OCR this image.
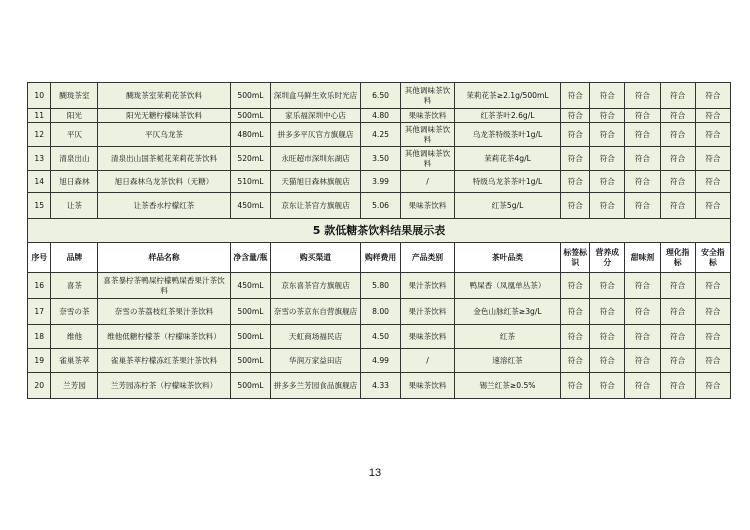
10	醐珑茶室	醐珑茶室茉莉花茶饮料	500mL	深圳盒马鲜生欢乐时光店	6.50	其他调味茶饮料	茉莉花茶≥2.1g/500mL	符合	符合	符合	符合	符合
11	阳光	阳光无糖柠檬味茶饮料	500mL	家乐福深圳中心店	4.80	果味茶饮料	红茶茶叶2.6g/L	符合	符合	符合	符合	符合
12	平仄	平仄乌龙茶	480mL	拼多多平仄官方旗舰店	4.25	其他调味茶饮料	乌龙茶特级茶叶1g/L	符合	符合	符合	符合	符合
13	清泉出山	清泉出山国茶栀花茉莉花茶饮料	520mL	永旺超市深圳东湖店	3.50	其他调味茶饮料	茉莉花茶4g/L	符合	符合	符合	符合	符合
14	旭日森林	旭日森林乌龙茶饮料（无糖）	510mL	天猫旭日森林旗舰店	3.99	/	特级乌龙茶茶叶1g/L	符合	符合	符合	符合	符合
15	让茶	让茶香水柠檬红茶	450mL	京东让茶官方旗舰店	5.06	果味茶饮料	红茶5g/L	符合	符合	符合	符合	符合
5 款低糖茶饮料结果展示表												
序号	品牌	样品名称	净含量/瓶	购买渠道	购样费用	产品类别	茶叶品类	标签标识	营养成分	甜味剂	理化指标	安全指标
16	喜茶	喜茶暴柠茶鸭屎柠檬鸭屎香果汁茶饮料	450mL	京东喜茶官方旗舰店	5.80	果汁茶饮料	鸭屎香（凤凰单丛茶）	符合	符合	符合	符合	符合
17	奈雪の茶	奈雪の茶荔枝红茶果汁茶饮料	500mL	奈雪の茶京东自营旗舰店	8.00	果汁茶饮料	金色山脉红茶≥3g/L	符合	符合	符合	符合	符合
18	维他	维他低糖柠檬茶（柠檬味茶饮料）	500mL	天虹商场福民店	4.50	果味茶饮料	红茶	符合	符合	符合	符合	符合
19	雀巢茶萃	雀巢茶萃柠檬冻红茶果汁茶饮料	500mL	华润万家益田店	4.99	/	速溶红茶	符合	符合	符合	符合	符合
20	兰芳园	兰芳园冻柠茶（柠檬味茶饮料）	500mL	拼多多兰芳园食品旗舰店	4.33	果味茶饮料	锡兰红茶≥0.5%	符合	符合	符合	符合	符合
13
